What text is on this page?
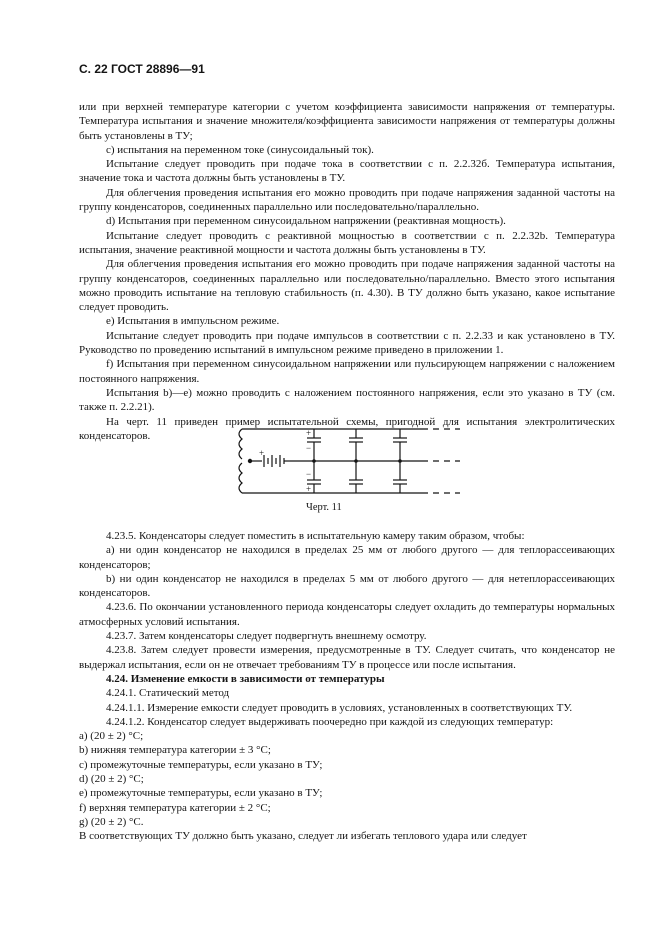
С. 22 ГОСТ 28896—91

или при верхней температуре категории с учетом коэффициента зависимости напряжения от температуры. Температура испытания и значение множителя/коэффициента зависимости напряжения от температуры должны быть установлены в ТУ;

с) испытания на переменном токе (синусоидальный ток).

Испытание следует проводить при подаче тока в соответствии с п. 2.2.32б. Температура испытания, значение тока и частота должны быть установлены в ТУ.

Для облегчения проведения испытания его можно проводить при подаче напряжения заданной частоты на группу конденсаторов, соединенных параллельно или последовательно/параллельно.

d) Испытания при переменном синусоидальном напряжении (реактивная мощность).

Испытание следует проводить с реактивной мощностью в соответствии с п. 2.2.32b. Температура испытания, значение реактивной мощности и частота должны быть установлены в ТУ.

Для облегчения проведения испытания его можно проводить при подаче напряжения заданной частоты на группу конденсаторов, соединенных параллельно или последовательно/параллельно. Вместо этого испытания можно проводить испытание на тепловую стабильность (п. 4.30). В ТУ должно быть указано, какое испытание следует проводить.

е) Испытания в импульсном режиме.

Испытание следует проводить при подаче импульсов в соответствии с п. 2.2.33 и как установлено в ТУ. Руководство по проведению испытаний в импульсном режиме приведено в приложении 1.

f) Испытания при переменном синусоидальном напряжении или пульсирующем напряжении с наложением постоянного напряжения.

Испытания b)—е) можно проводить с наложением постоянного напряжения, если это указано в ТУ (см. также п. 2.2.21).

На черт. 11 приведен пример испытательной схемы, пригодной для испытания электролитических конденсаторов.	+
−
−
+
+
Черт. 11

4.23.5. Конденсаторы следует поместить в испытательную камеру таким образом, чтобы:

а) ни один конденсатор не находился в пределах 25 мм от любого другого — для теплорассеивающих конденсаторов;

b) ни один конденсатор не находился в пределах 5 мм от любого другого — для нетеплорассеивающих конденсаторов.

4.23.6. По окончании установленного периода конденсаторы следует охладить до температуры нормальных атмосферных условий испытания.

4.23.7. Затем конденсаторы следует подвергнуть внешнему осмотру.

4.23.8. Затем следует провести измерения, предусмотренные в ТУ. Следует считать, что конденсатор не выдержал испытания, если он не отвечает требованиям ТУ в процессе или после испытания.

4.24. Изменение емкости в зависимости от температуры

4.24.1. Статический метод

4.24.1.1. Измерение емкости следует проводить в условиях, установленных в соответствующих ТУ.

4.24.1.2. Конденсатор следует выдерживать поочередно при каждой из следующих температур:

а) (20 ± 2) °С;

b) нижняя температура категории ± 3 °С;

с) промежуточные температуры, если указано в ТУ;

d) (20 ± 2) °С;

е) промежуточные температуры, если указано в ТУ;

f) верхняя температура категории ± 2 °С;

g) (20 ± 2) °С.

В соответствующих ТУ должно быть указано, следует ли избегать теплового удара или следует
